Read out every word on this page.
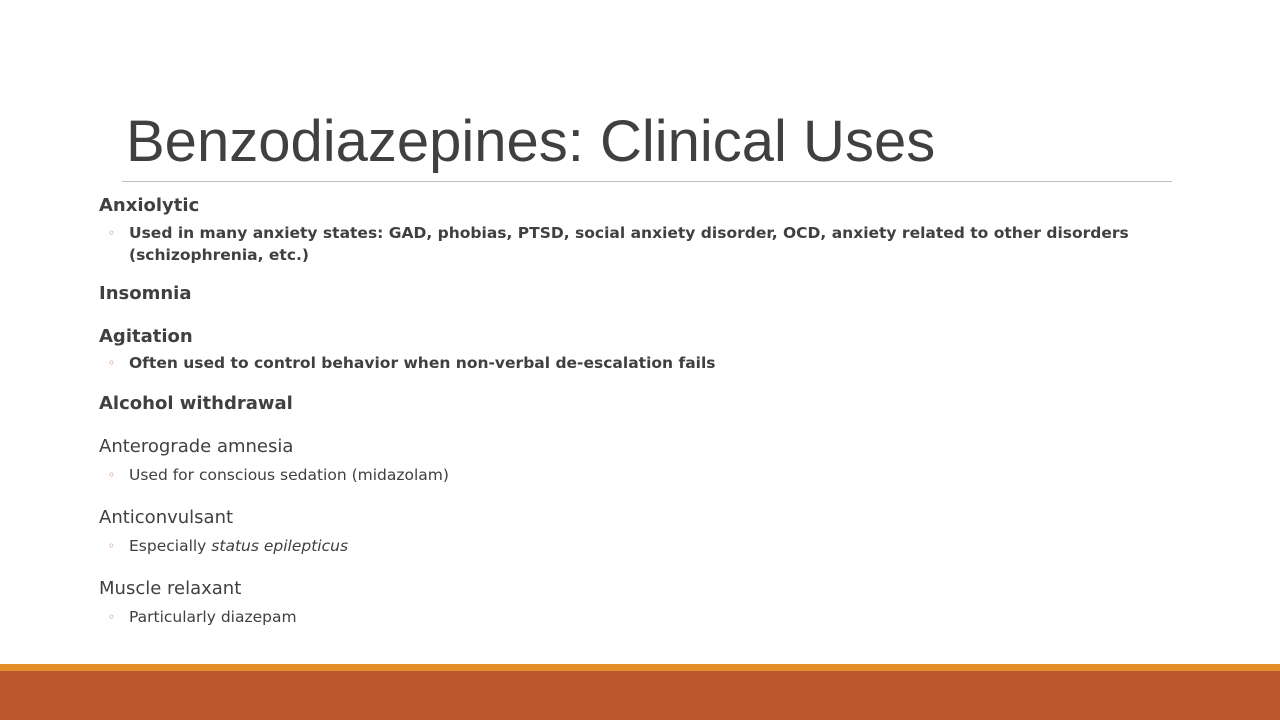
Benzodiazepines: Clinical Uses
Anxiolytic
◦ Used in many anxiety states: GAD, phobias, PTSD, social anxiety disorder, OCD, anxiety related to other disorders (schizophrenia, etc.)
Insomnia
Agitation
◦ Often used to control behavior when non-verbal de-escalation fails
Alcohol withdrawal
Anterograde amnesia
◦ Used for conscious sedation (midazolam)
Anticonvulsant
◦ Especially status epilepticus
Muscle relaxant
◦ Particularly diazepam
